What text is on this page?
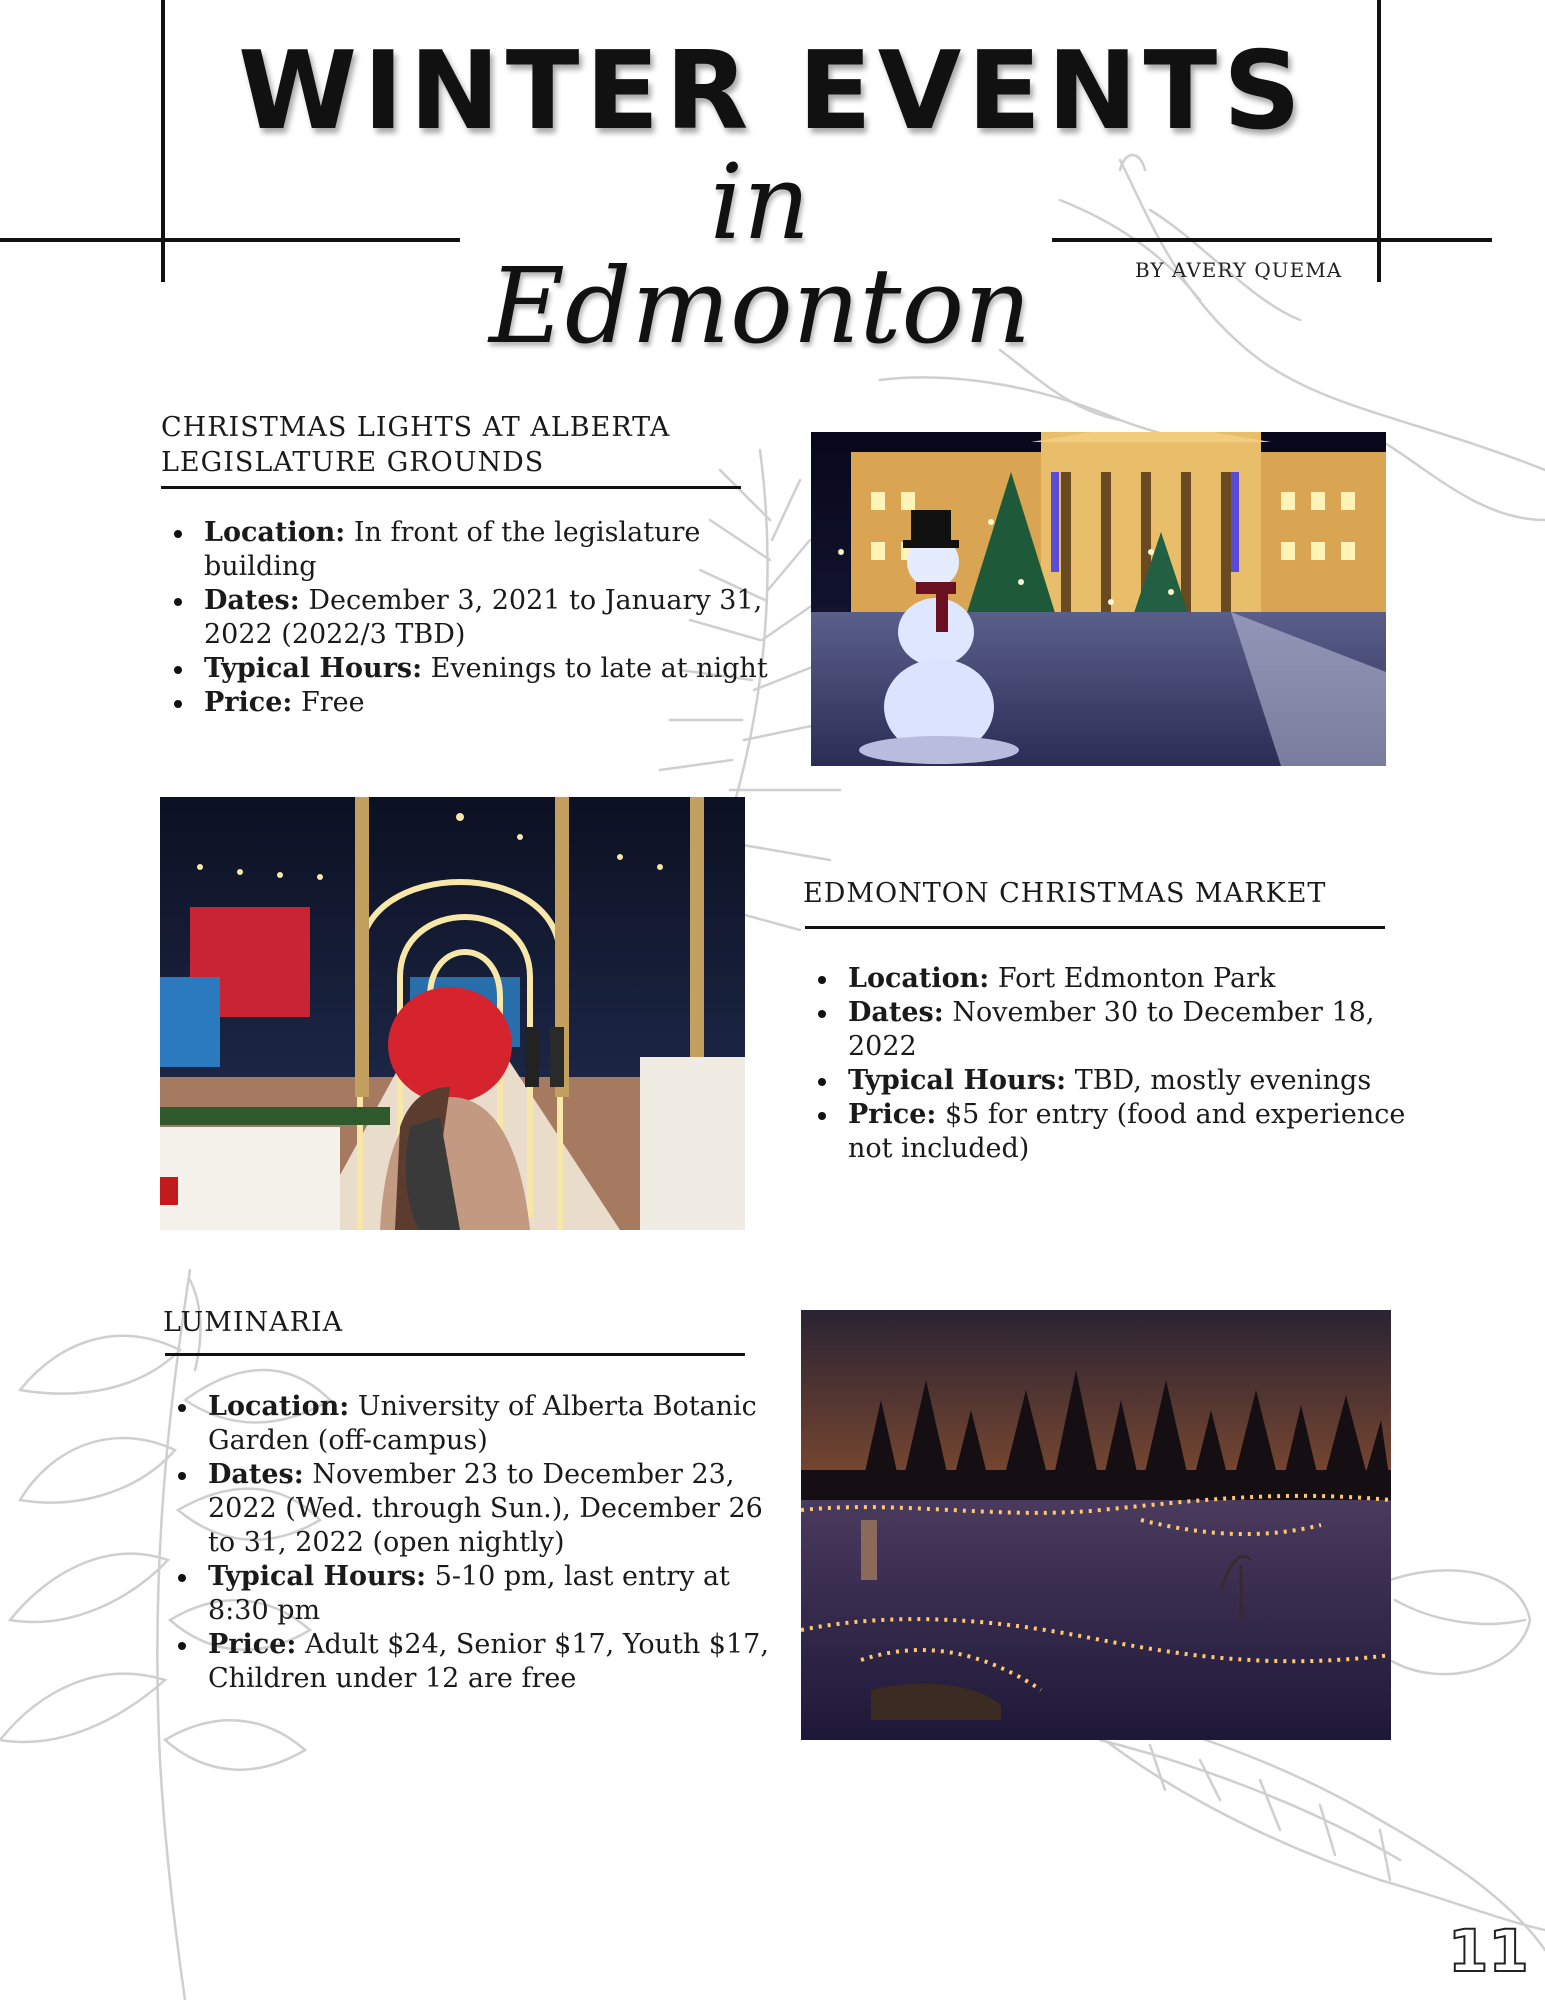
WINTER EVENTS
in Edmonton	BY AVERY QUEMA
CHRISTMAS LIGHTS AT ALBERTA
LEGISLATURE GROUNDS
Location: In front of the legislature building
Dates: December 3, 2021 to January 31, 2022 (2022/3 TBD)
Typical Hours: Evenings to late at night
Price: Free
EDMONTON CHRISTMAS MARKET
Location: Fort Edmonton Park
Dates: November 30 to December 18, 2022
Typical Hours: TBD, mostly evenings
Price: $5 for entry (food and experience not included)
LUMINARIA
Location: University of Alberta Botanic Garden (off-campus)
Dates: November 23 to December 23, 2022 (Wed. through Sun.), December 26 to 31, 2022 (open nightly)
Typical Hours: 5-10 pm, last entry at 8:30 pm
Price: Adult $24, Senior $17, Youth $17, Children under 12 are free
11
